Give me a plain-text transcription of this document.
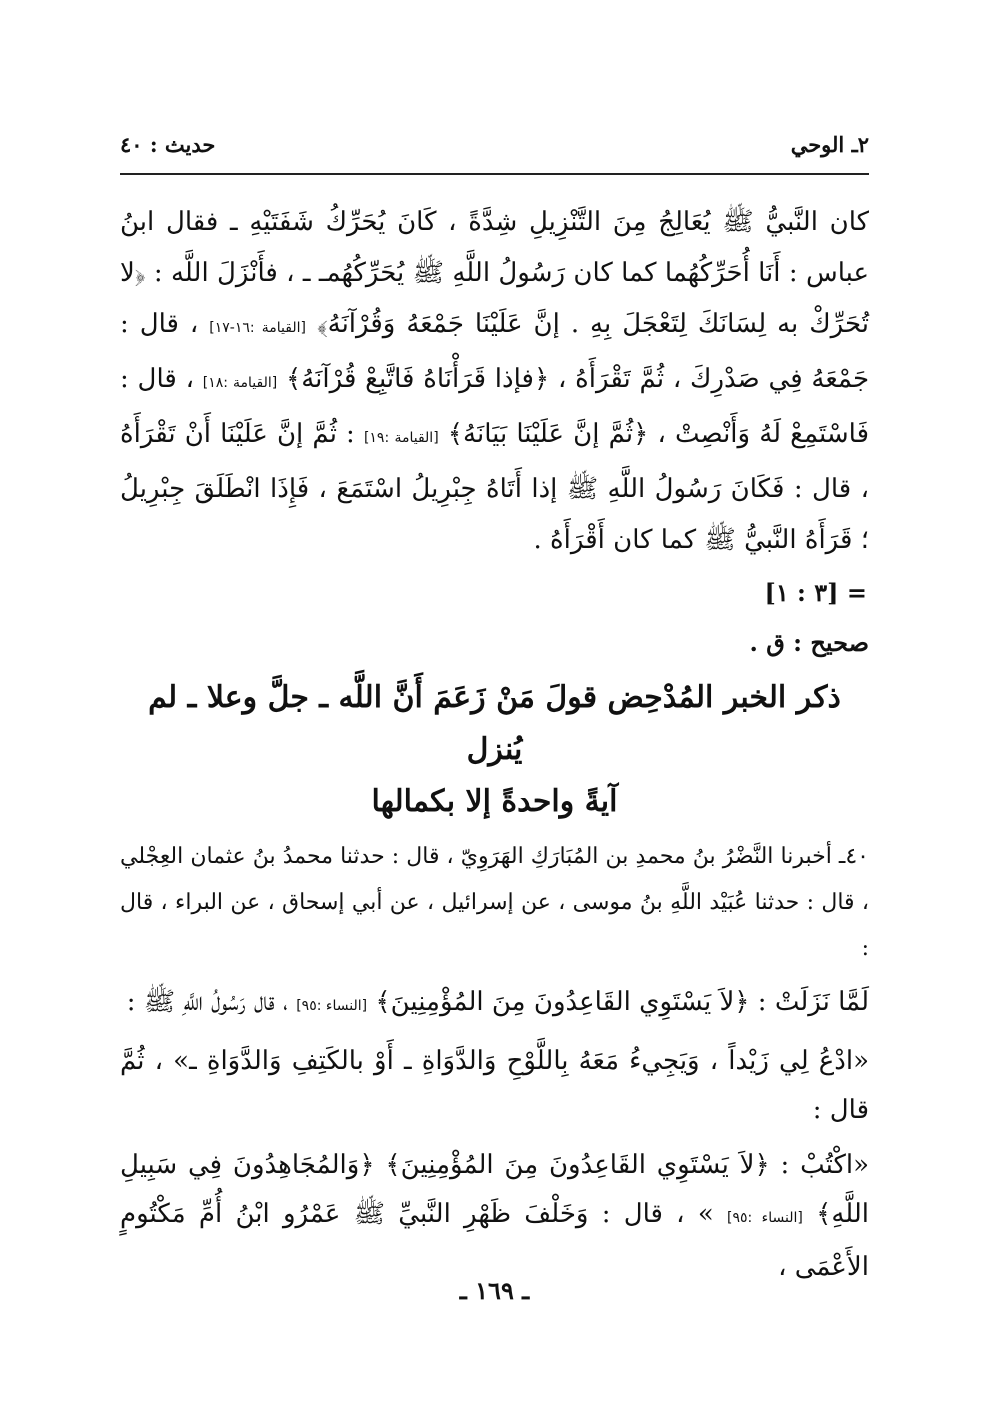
٢ـ الوحي
حديث : ٤٠

كان النَّبيُّ ﷺ يُعَالِجُ مِنَ التَّنْزِيلِ شِدَّةً ، كَانَ يُحَرِّكُ شَفَتَيْهِ ـ فقال ابنُ عباس : أَنَا أُحَرِّكُهُما كما كان رَسُولُ اللَّهِ ﷺ يُحَرِّكُهُمـ ـ ، فأَنْزَلَ اللَّه : ﴿لا تُحَرِّكْ به لِسَانَكَ لِتَعْجَلَ بِهِ . إنَّ عَلَيْنَا جَمْعَهُ وَقُرْآنَهُ﴾ [القيامة :١٦-١٧] ، قال : جَمْعَهُ فِي صَدْرِكَ ، ثُمَّ تَقْرَأَهُ ، ﴿فإذا قَرَأْنَاهُ فَاتَّبِعْ قُرْآنَهُ﴾ [القيامة :١٨] ، قال : فَاسْتَمِعْ لَهُ وَأَنْصِتْ ، ﴿ثُمَّ إنَّ عَلَيْنَا بَيَانَهُ﴾ [القيامة :١٩] : ثُمَّ إنَّ عَلَيْنَا أَنْ تَقْرَأَهُ ، قال : فَكَانَ رَسُولُ اللَّهِ ﷺ إذا أَتَاهُ جِبْرِيلُ اسْتَمَعَ ، فَإِذَا انْطَلَقَ جِبْرِيلُ ؛ قَرَأَهُ النَّبيُّ ﷺ كما كان أَقْرَأَهُ .

= [٣ : ١]

صحيح : ق .

ذكر الخبر المُدْحِض قولَ مَنْ زَعَمَ أَنَّ اللَّه ـ جلَّ وعلا ـ لم يُنزل
آيةً واحدةً إلا بكمالها

٤٠ـ أخبرنا النَّضْرُ بنُ محمدِ بن المُبَارَكِ الهَرَوِيّ ، قال : حدثنا محمدُ بنُ عثمان العِجْلي ، قال : حدثنا عُبَيْد اللَّهِ بنُ موسى ، عن إسرائيل ، عن أبي إسحاق ، عن البراء ، قال :

لَمَّا نَزَلَتْ : ﴿لاَ يَسْتَوِي القَاعِدُونَ مِنَ المُؤْمِنِينَ﴾ [النساء :٩٥] ، قال رَسُولُ اللَّهِ ﷺ :

«ادْعُ لِي زَيْداً ، وَيَجِيءُ مَعَهُ بِاللَّوْحِ وَالدَّوَاةِ ـ أَوْ بالكَتِفِ وَالدَّوَاةِ ـ» ، ثُمَّ قال :

«اكْتُبْ : ﴿لاَ يَسْتَوِي القَاعِدُونَ مِنَ المُؤْمِنِينَ﴾ ﴿وَالمُجَاهِدُونَ فِي سَبِيلِ اللَّهِ﴾ [النساء :٩٥] » ، قال : وَخَلْفَ ظَهْرِ النَّبيِّ ﷺ عَمْرُو ابْنُ أُمِّ مَكْتُومٍ الأَعْمَى ،

ـ ١٦٩ ـ
